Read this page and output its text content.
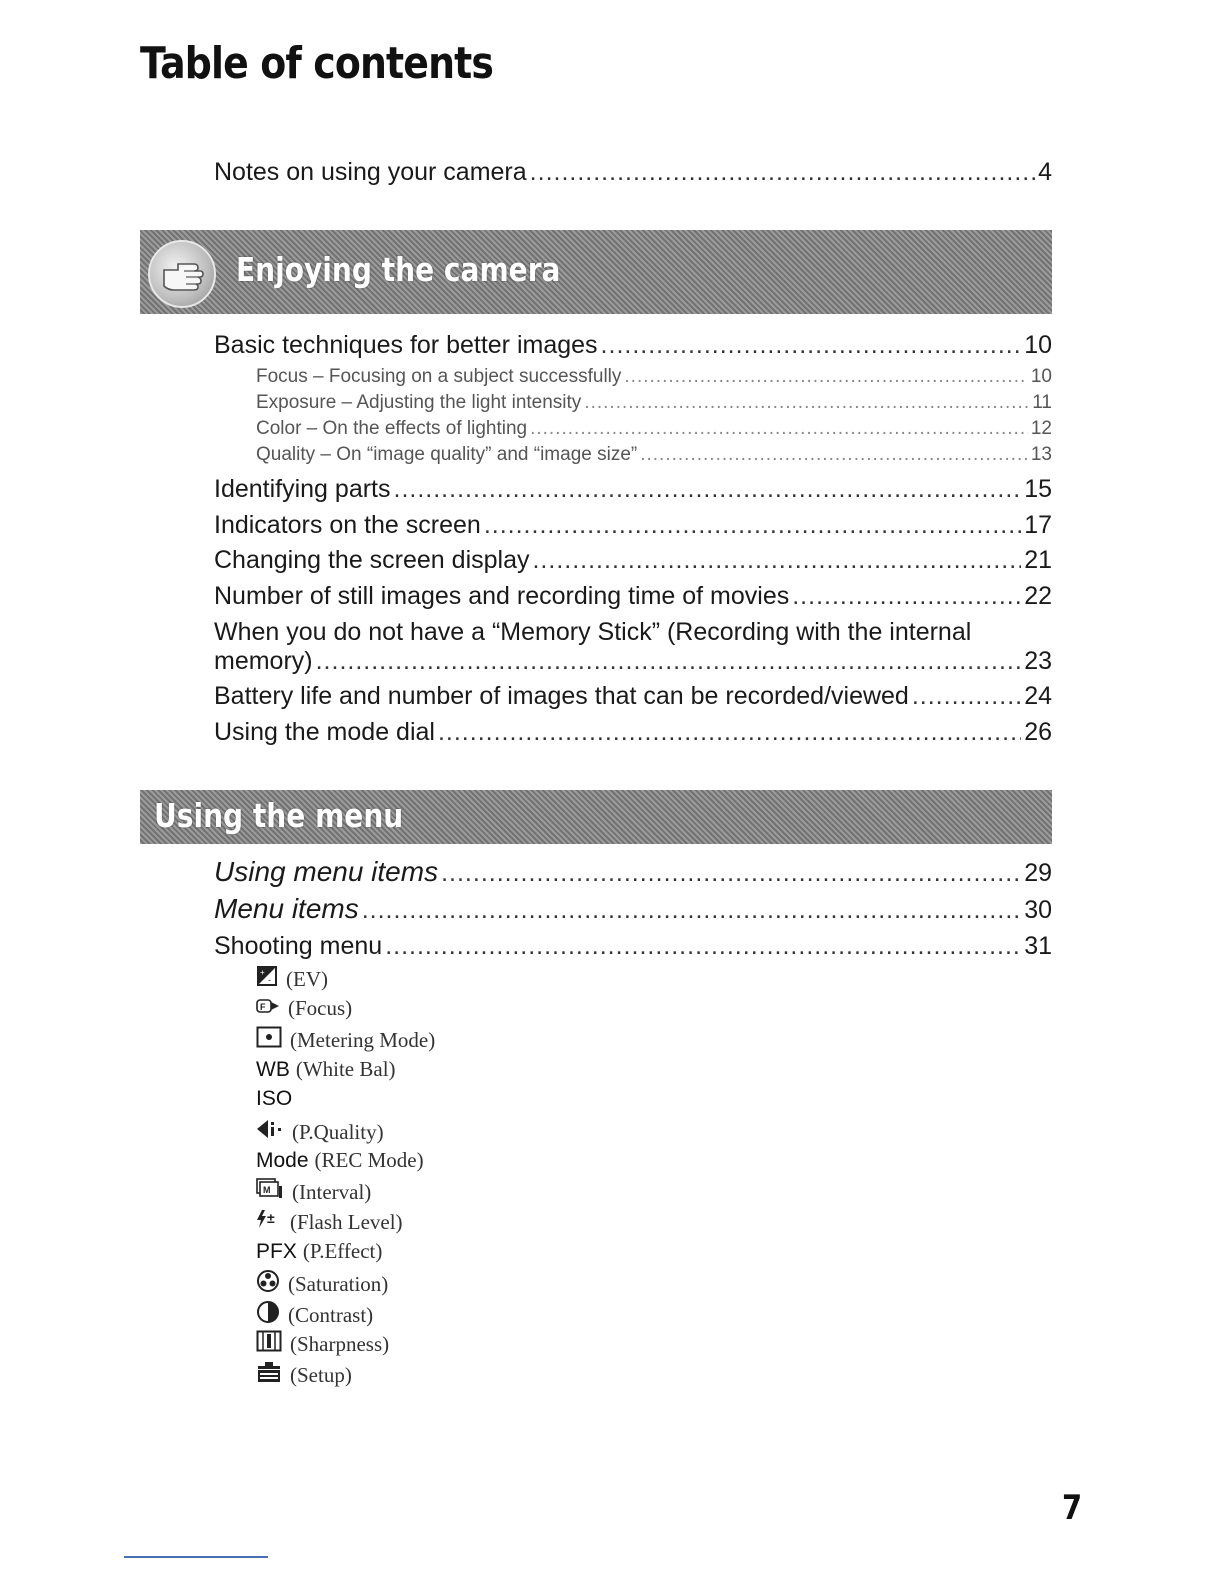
Table of contents
Notes on using your camera .....	4
Enjoying the camera
Basic techniques for better images .....	10
Focus – Focusing on a subject successfully .....	10
Exposure – Adjusting the light intensity .....	11
Color – On the effects of lighting .....	12
Quality – On “image quality” and “image size” .....	13
Identifying parts .....	15
Indicators on the screen .....	17
Changing the screen display .....	21
Number of still images and recording time of movies .....	22
When you do not have a “Memory Stick” (Recording with the internal
memory) .....	23
Battery life and number of images that can be recorded/viewed .....	24
Using the mode dial .....	26
Using the menu
Using menu items .....	29
Menu items .....	30
Shooting menu .....	31
+
- (EV)
F (Focus)
(Metering Mode)
WB (White Bal)
ISO
(P.Quality)
Mode (REC Mode)
M (Interval)
± (Flash Level)
PFX (P.Effect)
(Saturation)
(Contrast)
(Sharpness)
(Setup)

7
